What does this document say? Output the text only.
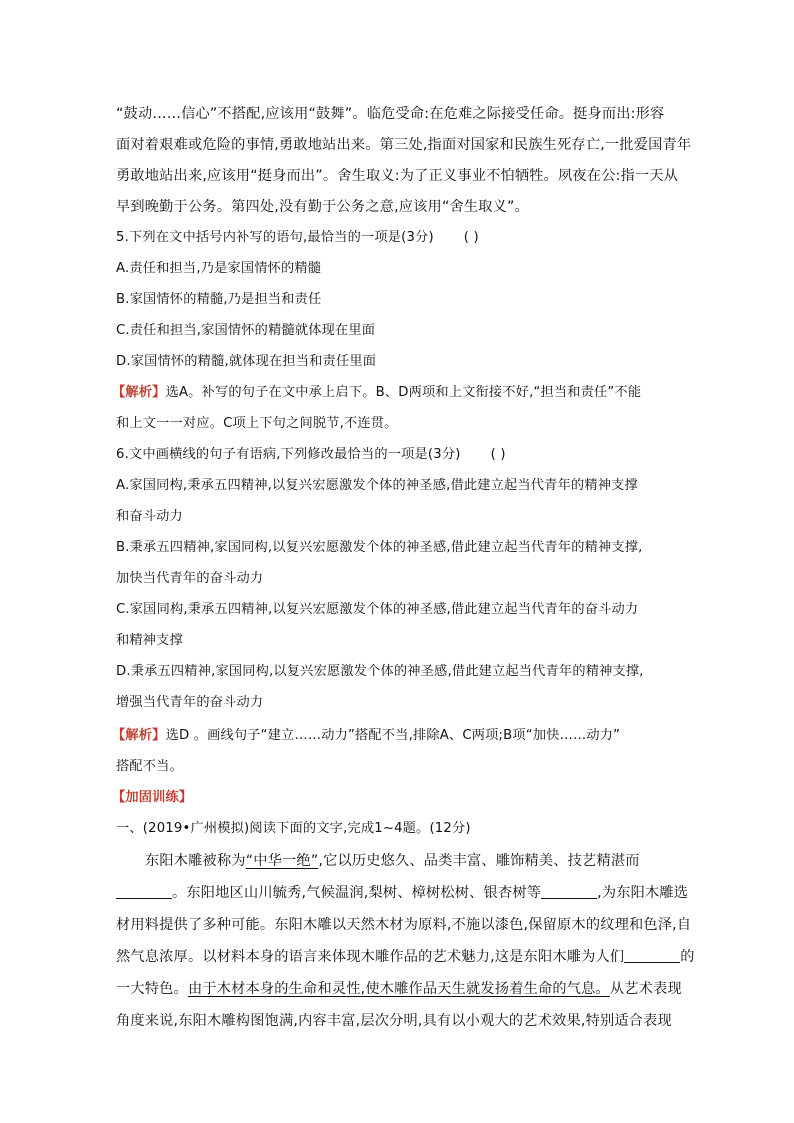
“鼓动……信心”不搭配,应该用“鼓舞”。临危受命:在危难之际接受任命。挺身而出:形容
面对着艰难或危险的事情,勇敢地站出来。第三处,指面对国家和民族生死存亡,一批爱国青年
勇敢地站出来,应该用“挺身而出”。舍生取义:为了正义事业不怕牺牲。夙夜在公:指一天从
早到晚勤于公务。第四处,没有勤于公务之意,应该用“舍生取义”。
5.下列在文中括号内补写的语句,最恰当的一项是(3分) ( )
A.责任和担当,乃是家国情怀的精髓
B.家国情怀的精髓,乃是担当和责任
C.责任和担当,家国情怀的精髓就体现在里面
D.家国情怀的精髓,就体现在担当和责任里面
【解析】选A。补写的句子在文中承上启下。B、D两项和上文衔接不好,“担当和责任”不能
和上文一一对应。C项上下句之间脱节,不连贯。
6.文中画横线的句子有语病,下列修改最恰当的一项是(3分) ( )
A.家国同构,秉承五四精神,以复兴宏愿激发个体的神圣感,借此建立起当代青年的精神支撑
和奋斗动力
B.秉承五四精神,家国同构,以复兴宏愿激发个体的神圣感,借此建立起当代青年的精神支撑,
加快当代青年的奋斗动力
C.家国同构,秉承五四精神,以复兴宏愿激发个体的神圣感,借此建立起当代青年的奋斗动力
和精神支撑
D.秉承五四精神,家国同构,以复兴宏愿激发个体的神圣感,借此建立起当代青年的精神支撑,
增强当代青年的奋斗动力
【解析】选D 。画线句子“建立……动力”搭配不当,排除A、C两项;B项“加快……动力”
搭配不当。
【加固训练】
一、(2019•广州模拟)阅读下面的文字,完成1~4题。(12分)
东阳木雕被称为“中华一绝”,它以历史悠久、品类丰富、雕饰精美、技艺精湛而
。东阳地区山川毓秀,气候温润,梨树、樟树松树、银杏树等	,为东阳木雕选
材用料提供了多种可能。东阳木雕以天然木材为原料,不施以漆色,保留原木的纹理和色泽,自
然气息浓厚。以材料本身的语言来体现木雕作品的艺术魅力,这是东阳木雕为人们	的
一大特色。由于木材本身的生命和灵性,使木雕作品天生就发扬着生命的气息。从艺术表现
角度来说,东阳木雕构图饱满,内容丰富,层次分明,具有以小观大的艺术效果,特别适合表现
